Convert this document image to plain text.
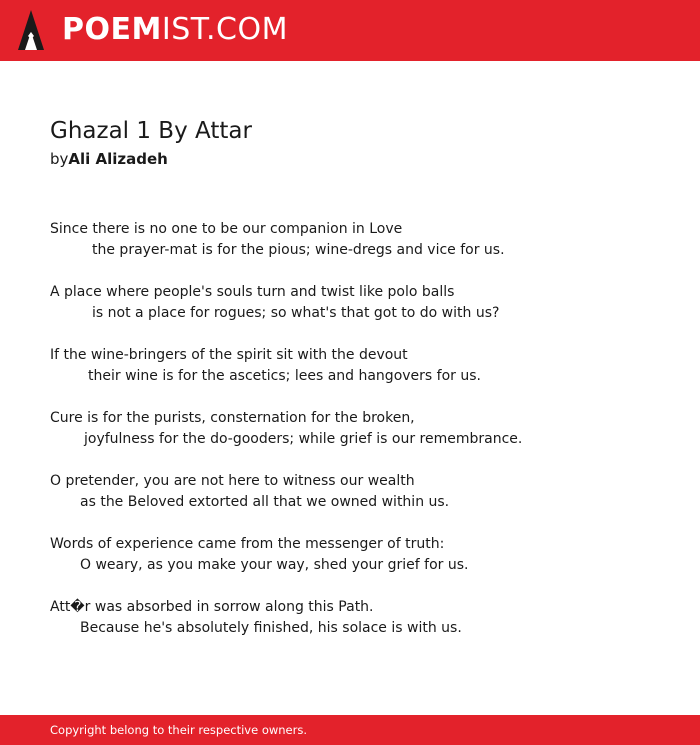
POEMIST.COM
Ghazal 1 By Attar
byAli Alizadeh
Since there is no one to be our companion in Love
the prayer-mat is for the pious; wine-dregs and vice for us.
A place where people's souls turn and twist like polo balls
is not a place for rogues; so what's that got to do with us?
If the wine-bringers of the spirit sit with the devout
their wine is for the ascetics; lees and hangovers for us.
Cure is for the purists, consternation for the broken,
joyfulness for the do-gooders; while grief is our remembrance.
O pretender, you are not here to witness our wealth
as the Beloved extorted all that we owned within us.
Words of experience came from the messenger of truth:
O weary, as you make your way, shed your grief for us.
Att�r was absorbed in sorrow along this Path.
Because he's absolutely finished, his solace is with us.
Copyright belong to their respective owners.
